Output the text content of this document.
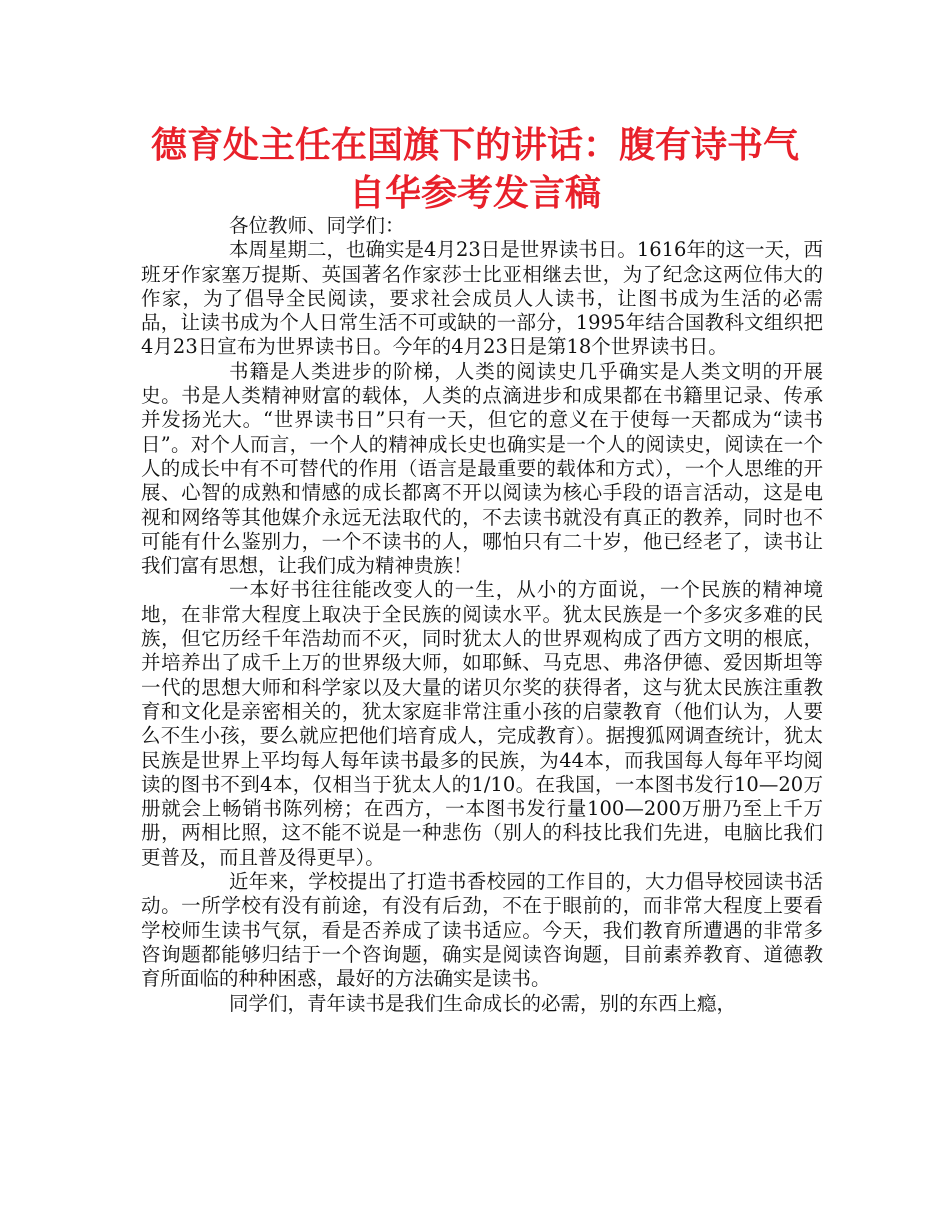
德育处主任在国旗下的讲话：腹有诗书气
自华参考发言稿

各位教师、同学们：

本周星期二，也确实是4月23日是世界读书日。1616年的这一天，西班牙作家塞万提斯、英国著名作家莎士比亚相继去世，为了纪念这两位伟大的作家，为了倡导全民阅读，要求社会成员人人读书，让图书成为生活的必需品，让读书成为个人日常生活不可或缺的一部分，1995年结合国教科文组织把4月23日宣布为世界读书日。今年的4月23日是第18个世界读书日。

书籍是人类进步的阶梯，人类的阅读史几乎确实是人类文明的开展史。书是人类精神财富的载体，人类的点滴进步和成果都在书籍里记录、传承并发扬光大。“世界读书日”只有一天，但它的意义在于使每一天都成为“读书日”。对个人而言，一个人的精神成长史也确实是一个人的阅读史，阅读在一个人的成长中有不可替代的作用（语言是最重要的载体和方式），一个人思维的开展、心智的成熟和情感的成长都离不开以阅读为核心手段的语言活动，这是电视和网络等其他媒介永远无法取代的，不去读书就没有真正的教养，同时也不可能有什么鉴别力，一个不读书的人，哪怕只有二十岁，他已经老了，读书让我们富有思想，让我们成为精神贵族！

一本好书往往能改变人的一生，从小的方面说，一个民族的精神境地，在非常大程度上取决于全民族的阅读水平。犹太民族是一个多灾多难的民族，但它历经千年浩劫而不灭，同时犹太人的世界观构成了西方文明的根底，并培养出了成千上万的世界级大师，如耶稣、马克思、弗洛伊德、爱因斯坦等一代的思想大师和科学家以及大量的诺贝尔奖的获得者，这与犹太民族注重教育和文化是亲密相关的，犹太家庭非常注重小孩的启蒙教育（他们认为，人要么不生小孩，要么就应把他们培育成人，完成教育）。据搜狐网调查统计，犹太民族是世界上平均每人每年读书最多的民族，为44本，而我国每人每年平均阅读的图书不到4本，仅相当于犹太人的1/10。在我国，一本图书发行10—20万册就会上畅销书陈列榜；在西方，一本图书发行量100—200万册乃至上千万册，两相比照，这不能不说是一种悲伤（别人的科技比我们先进，电脑比我们更普及，而且普及得更早）。

近年来，学校提出了打造书香校园的工作目的，大力倡导校园读书活动。一所学校有没有前途，有没有后劲，不在于眼前的，而非常大程度上要看学校师生读书气氛，看是否养成了读书适应。今天，我们教育所遭遇的非常多咨询题都能够归结于一个咨询题，确实是阅读咨询题，目前素养教育、道德教育所面临的种种困惑，最好的方法确实是读书。

同学们，青年读书是我们生命成长的必需，别的东西上瘾，
